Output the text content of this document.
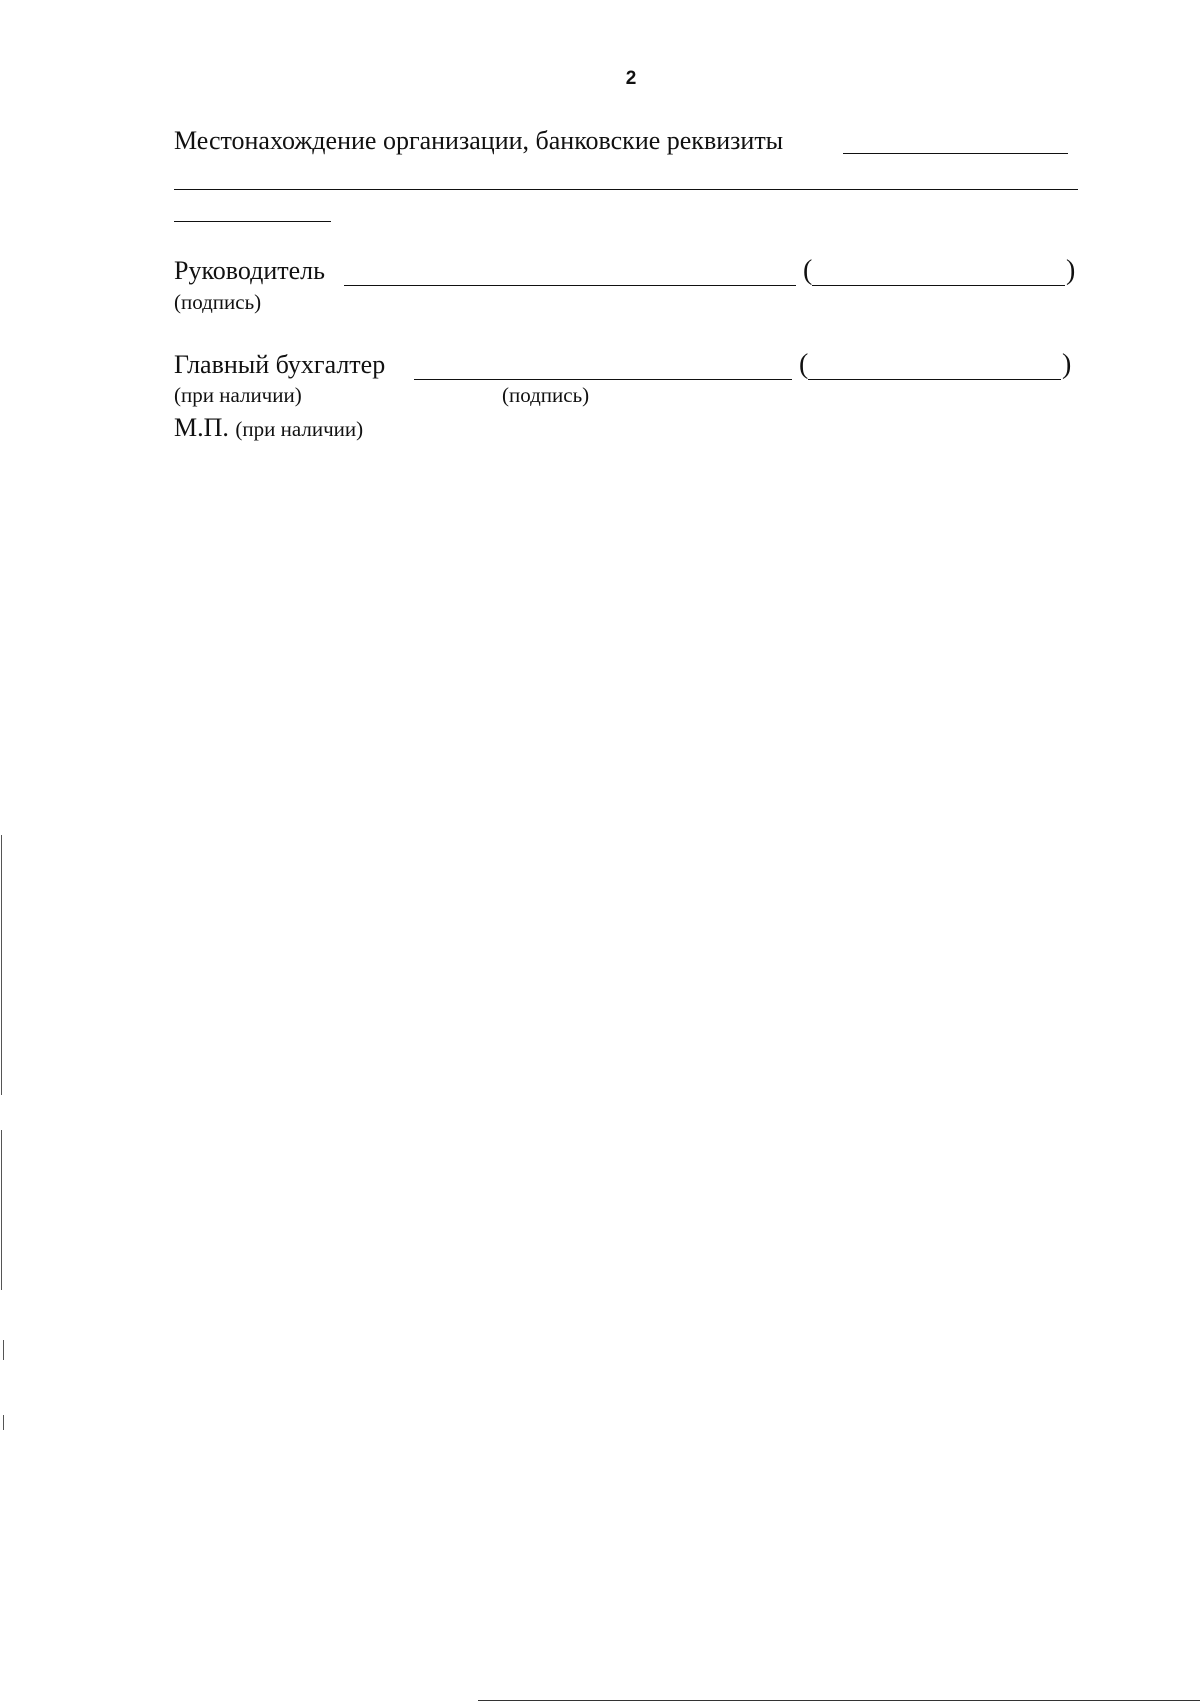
2
Местонахождение организации, банковские реквизиты
Руководитель	(	)
(подпись)
Главный бухгалтер	(	)
(при наличии)	(подпись)
М.П. (при наличии)
